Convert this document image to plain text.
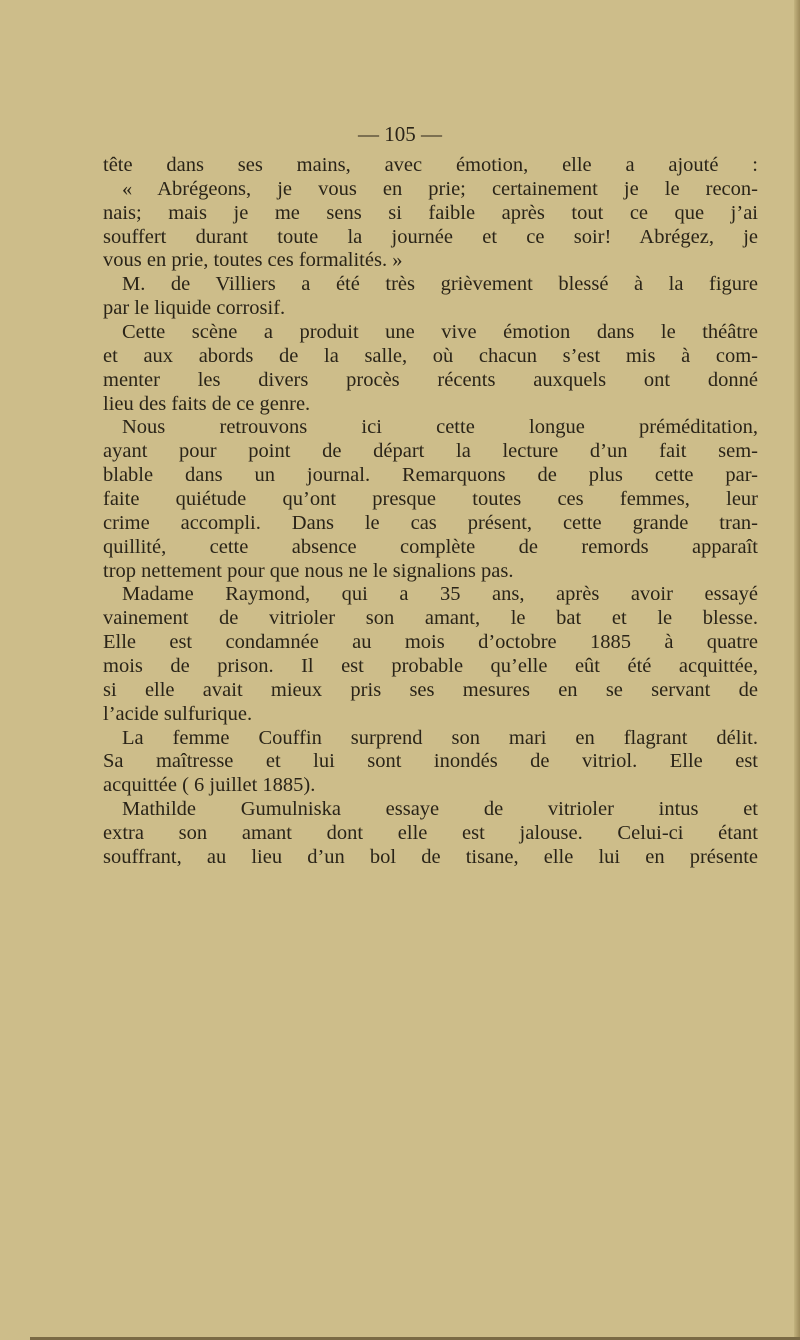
— 105 —
tête dans ses mains, avec émotion, elle a ajouté :
« Abrégeons, je vous en prie; certainement je le recon-
nais; mais je me sens si faible après tout ce que j’ai
souffert durant toute la journée et ce soir! Abrégez, je
vous en prie, toutes ces formalités. »
M. de Villiers a été très grièvement blessé à la figure
par le liquide corrosif.
Cette scène a produit une vive émotion dans le théâtre
et aux abords de la salle, où chacun s’est mis à com-
menter les divers procès récents auxquels ont donné
lieu des faits de ce genre.
Nous retrouvons ici cette longue préméditation,
ayant pour point de départ la lecture d’un fait sem-
blable dans un journal. Remarquons de plus cette par-
faite quiétude qu’ont presque toutes ces femmes, leur
crime accompli. Dans le cas présent, cette grande tran-
quillité, cette absence complète de remords apparaît
trop nettement pour que nous ne le signalions pas.
Madame Raymond, qui a 35 ans, après avoir essayé
vainement de vitrioler son amant, le bat et le blesse.
Elle est condamnée au mois d’octobre 1885 à quatre
mois de prison. Il est probable qu’elle eût été acquittée,
si elle avait mieux pris ses mesures en se servant de
l’acide sulfurique.
La femme Couffin surprend son mari en flagrant délit.
Sa maîtresse et lui sont inondés de vitriol. Elle est
acquittée ( 6 juillet 1885).
Mathilde Gumulniska essaye de vitrioler intus et
extra son amant dont elle est jalouse. Celui-ci étant
souffrant, au lieu d’un bol de tisane, elle lui en présente
